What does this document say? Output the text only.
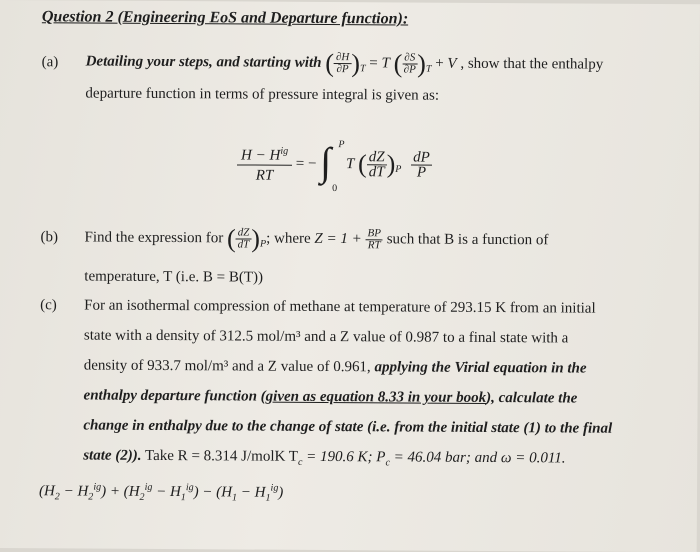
Question 2 (Engineering EoS and Departure function):
(a) Detailing your steps, and starting with ( $\frac{\partial H}{\partial P} )_T = T$ ( $\frac{\partial S}{\partial P} )_T + V$ , show that the enthalpy
departure function in terms of pressure integral is given as:
$\frac{H - H^{ig}}{RT}$ = − ∫ P
0
T ( $\frac{dZ}{dT} )_P \frac{dP}{P}$
(b) Find the expression for ( $\frac{dZ}{dT} )_P$; where $Z = 1 + \frac{BP}{RT}$ such that B is a function of
temperature, T (i.e. B = B(T))
(c) For an isothermal compression of methane at temperature of 293.15 K from an initial
state with a density of 312.5 mol/m³ and a Z value of 0.987 to a final state with a
density of 933.7 mol/m³ and a Z value of 0.961, applying the Virial equation in the
enthalpy departure function (given as equation 8.33 in your book), calculate the
change in enthalpy due to the change of state (i.e. from the initial state (1) to the final
state (2)). Take R = 8.314 J/molK $T_c = 190.6$ K; $P_c = 46.04$ bar; and ω = 0.011.
$(H_2 - H_2^{ig}) + (H_2^{ig} - H_1^{ig}) - (H_1 - H_1^{ig})$
